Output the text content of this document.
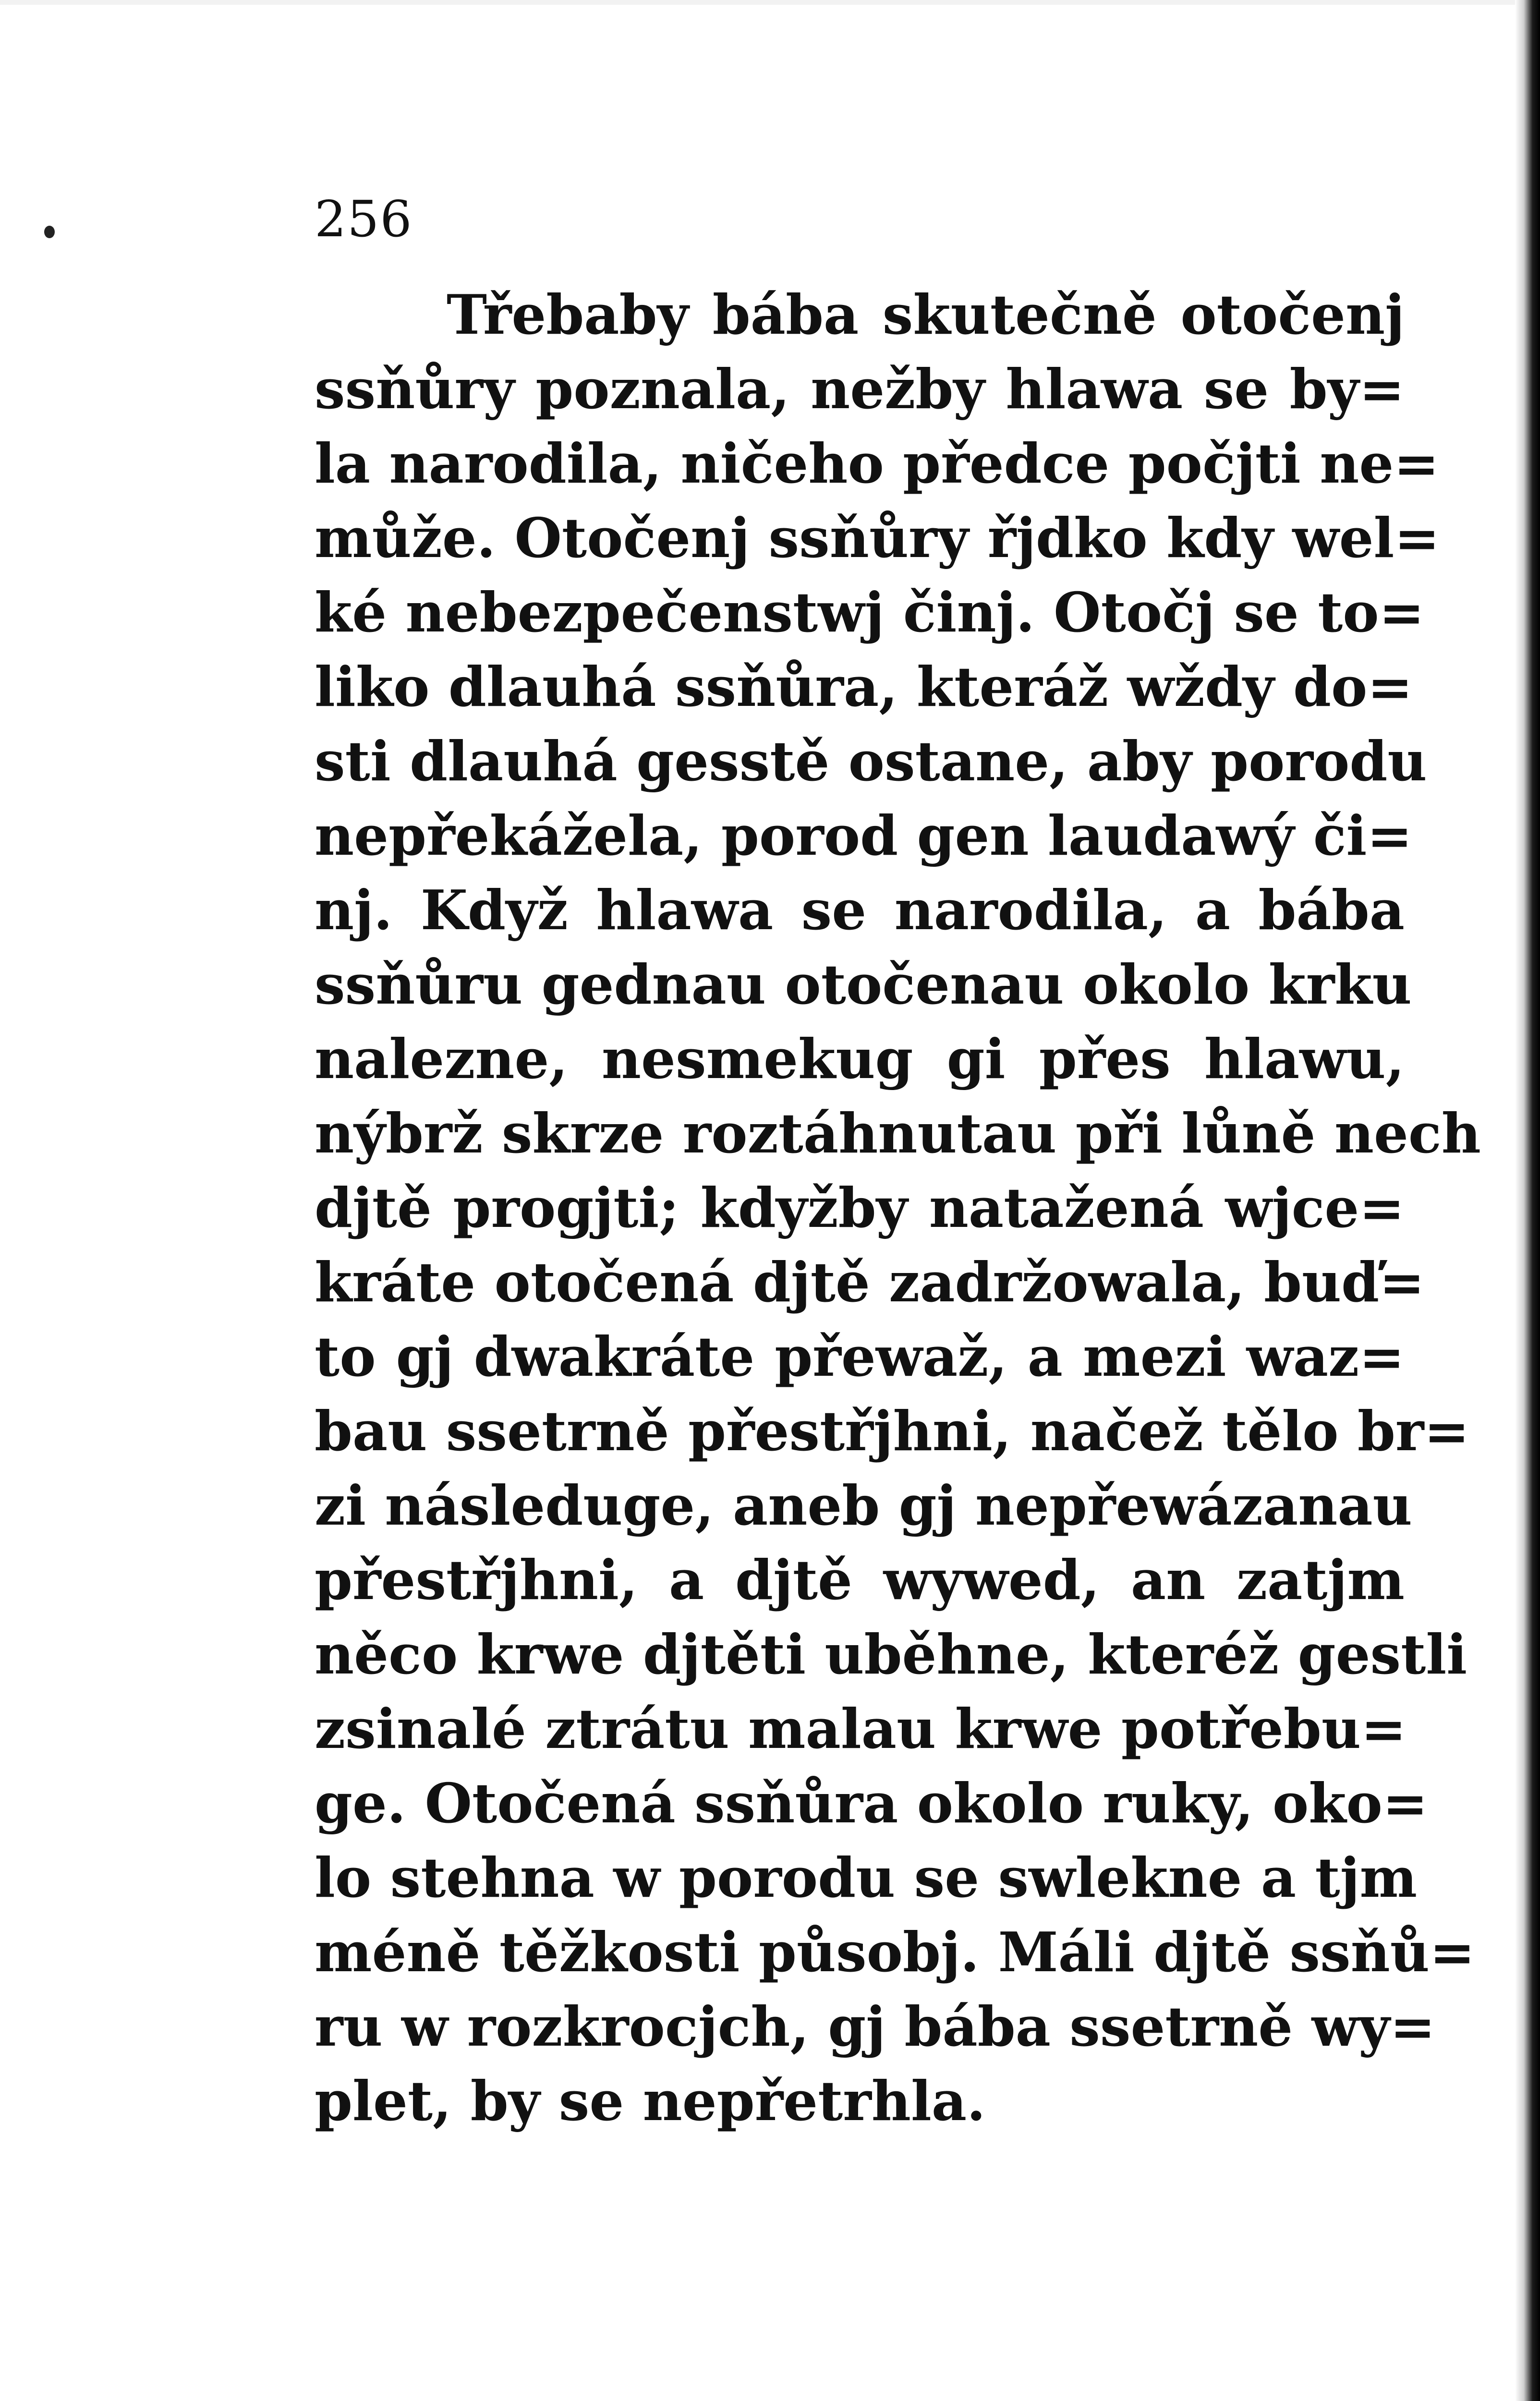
256
Třebaby bába skutečně otočenj
ssňůry poznala, nežby hlawa se by=
la narodila, ničeho předce počjti ne=
může. Otočenj ssňůry řjdko kdy wel=
ké nebezpečenstwj činj. Otočj se to=
liko dlauhá ssňůra, kteráž wždy do=
sti dlauhá gesstě ostane, aby porodu
nepřekážela, porod gen laudawý či=
nj. Když hlawa se narodila, a bába
ssňůru gednau otočenau okolo krku
nalezne, nesmekug gi přes hlawu,
nýbrž skrze roztáhnutau při lůně nech
djtě progjti; kdyžby natažená wjce=
kráte otočená djtě zadržowala, buď=
to gj dwakráte přewaž, a mezi waz=
bau ssetrně přestřjhni, načež tělo br=
zi následuge, aneb gj nepřewázanau
přestřjhni, a djtě wywed, an zatjm
něco krwe djtěti uběhne, kteréž gestli
zsinalé ztrátu malau krwe potřebu=
ge. Otočená ssňůra okolo ruky, oko=
lo stehna w porodu se swlekne a tjm
méně těžkosti působj. Máli djtě ssňů=
ru w rozkrocjch, gj bába ssetrně wy=
plet, by se nepřetrhla.
